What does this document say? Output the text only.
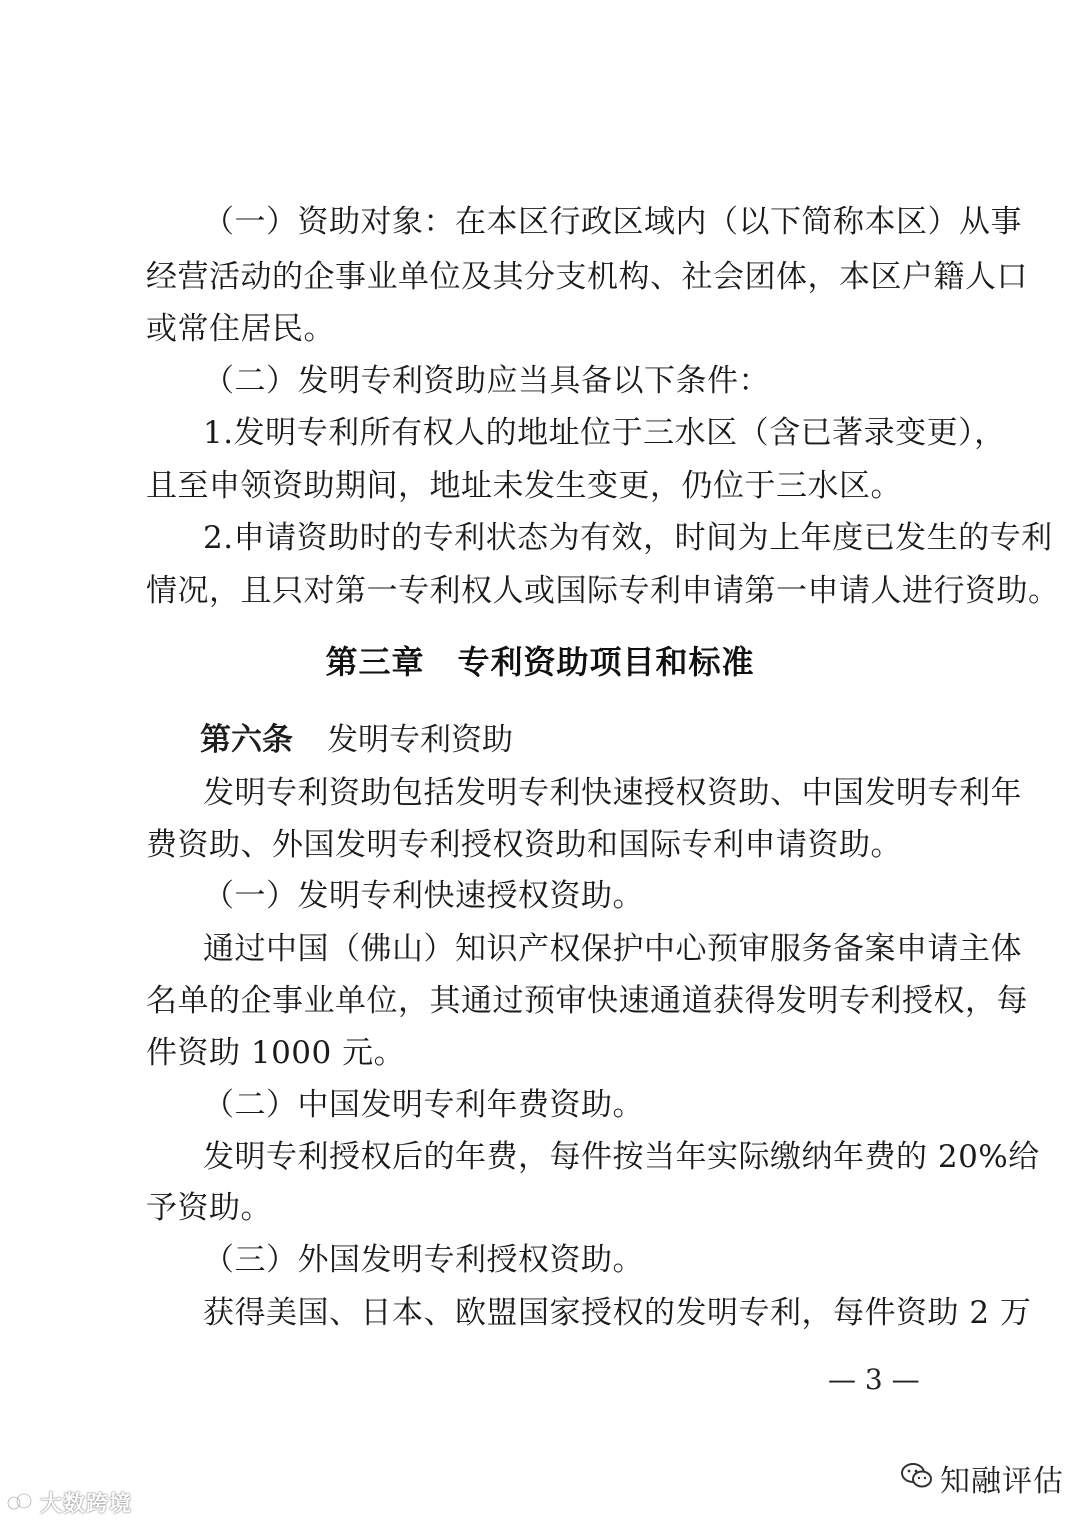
（一）资助对象：在本区行政区域内（以下简称本区）从事
经营活动的企事业单位及其分支机构、社会团体，本区户籍人口
或常住居民。
（二）发明专利资助应当具备以下条件：
1.发明专利所有权人的地址位于三水区（含已著录变更），
且至申领资助期间，地址未发生变更，仍位于三水区。
2.申请资助时的专利状态为有效，时间为上年度已发生的专利
情况，且只对第一专利权人或国际专利申请第一申请人进行资助。
第三章　专利资助项目和标准
第六条 发明专利资助
发明专利资助包括发明专利快速授权资助、中国发明专利年
费资助、外国发明专利授权资助和国际专利申请资助。
（一）发明专利快速授权资助。
通过中国（佛山）知识产权保护中心预审服务备案申请主体
名单的企事业单位，其通过预审快速通道获得发明专利授权，每
件资助 1000 元。
（二）中国发明专利年费资助。
发明专利授权后的年费，每件按当年实际缴纳年费的 20%给
予资助。
（三）外国发明专利授权资助。
获得美国、日本、欧盟国家授权的发明专利，每件资助 2 万
— 3 —
大数跨境
知融评估
